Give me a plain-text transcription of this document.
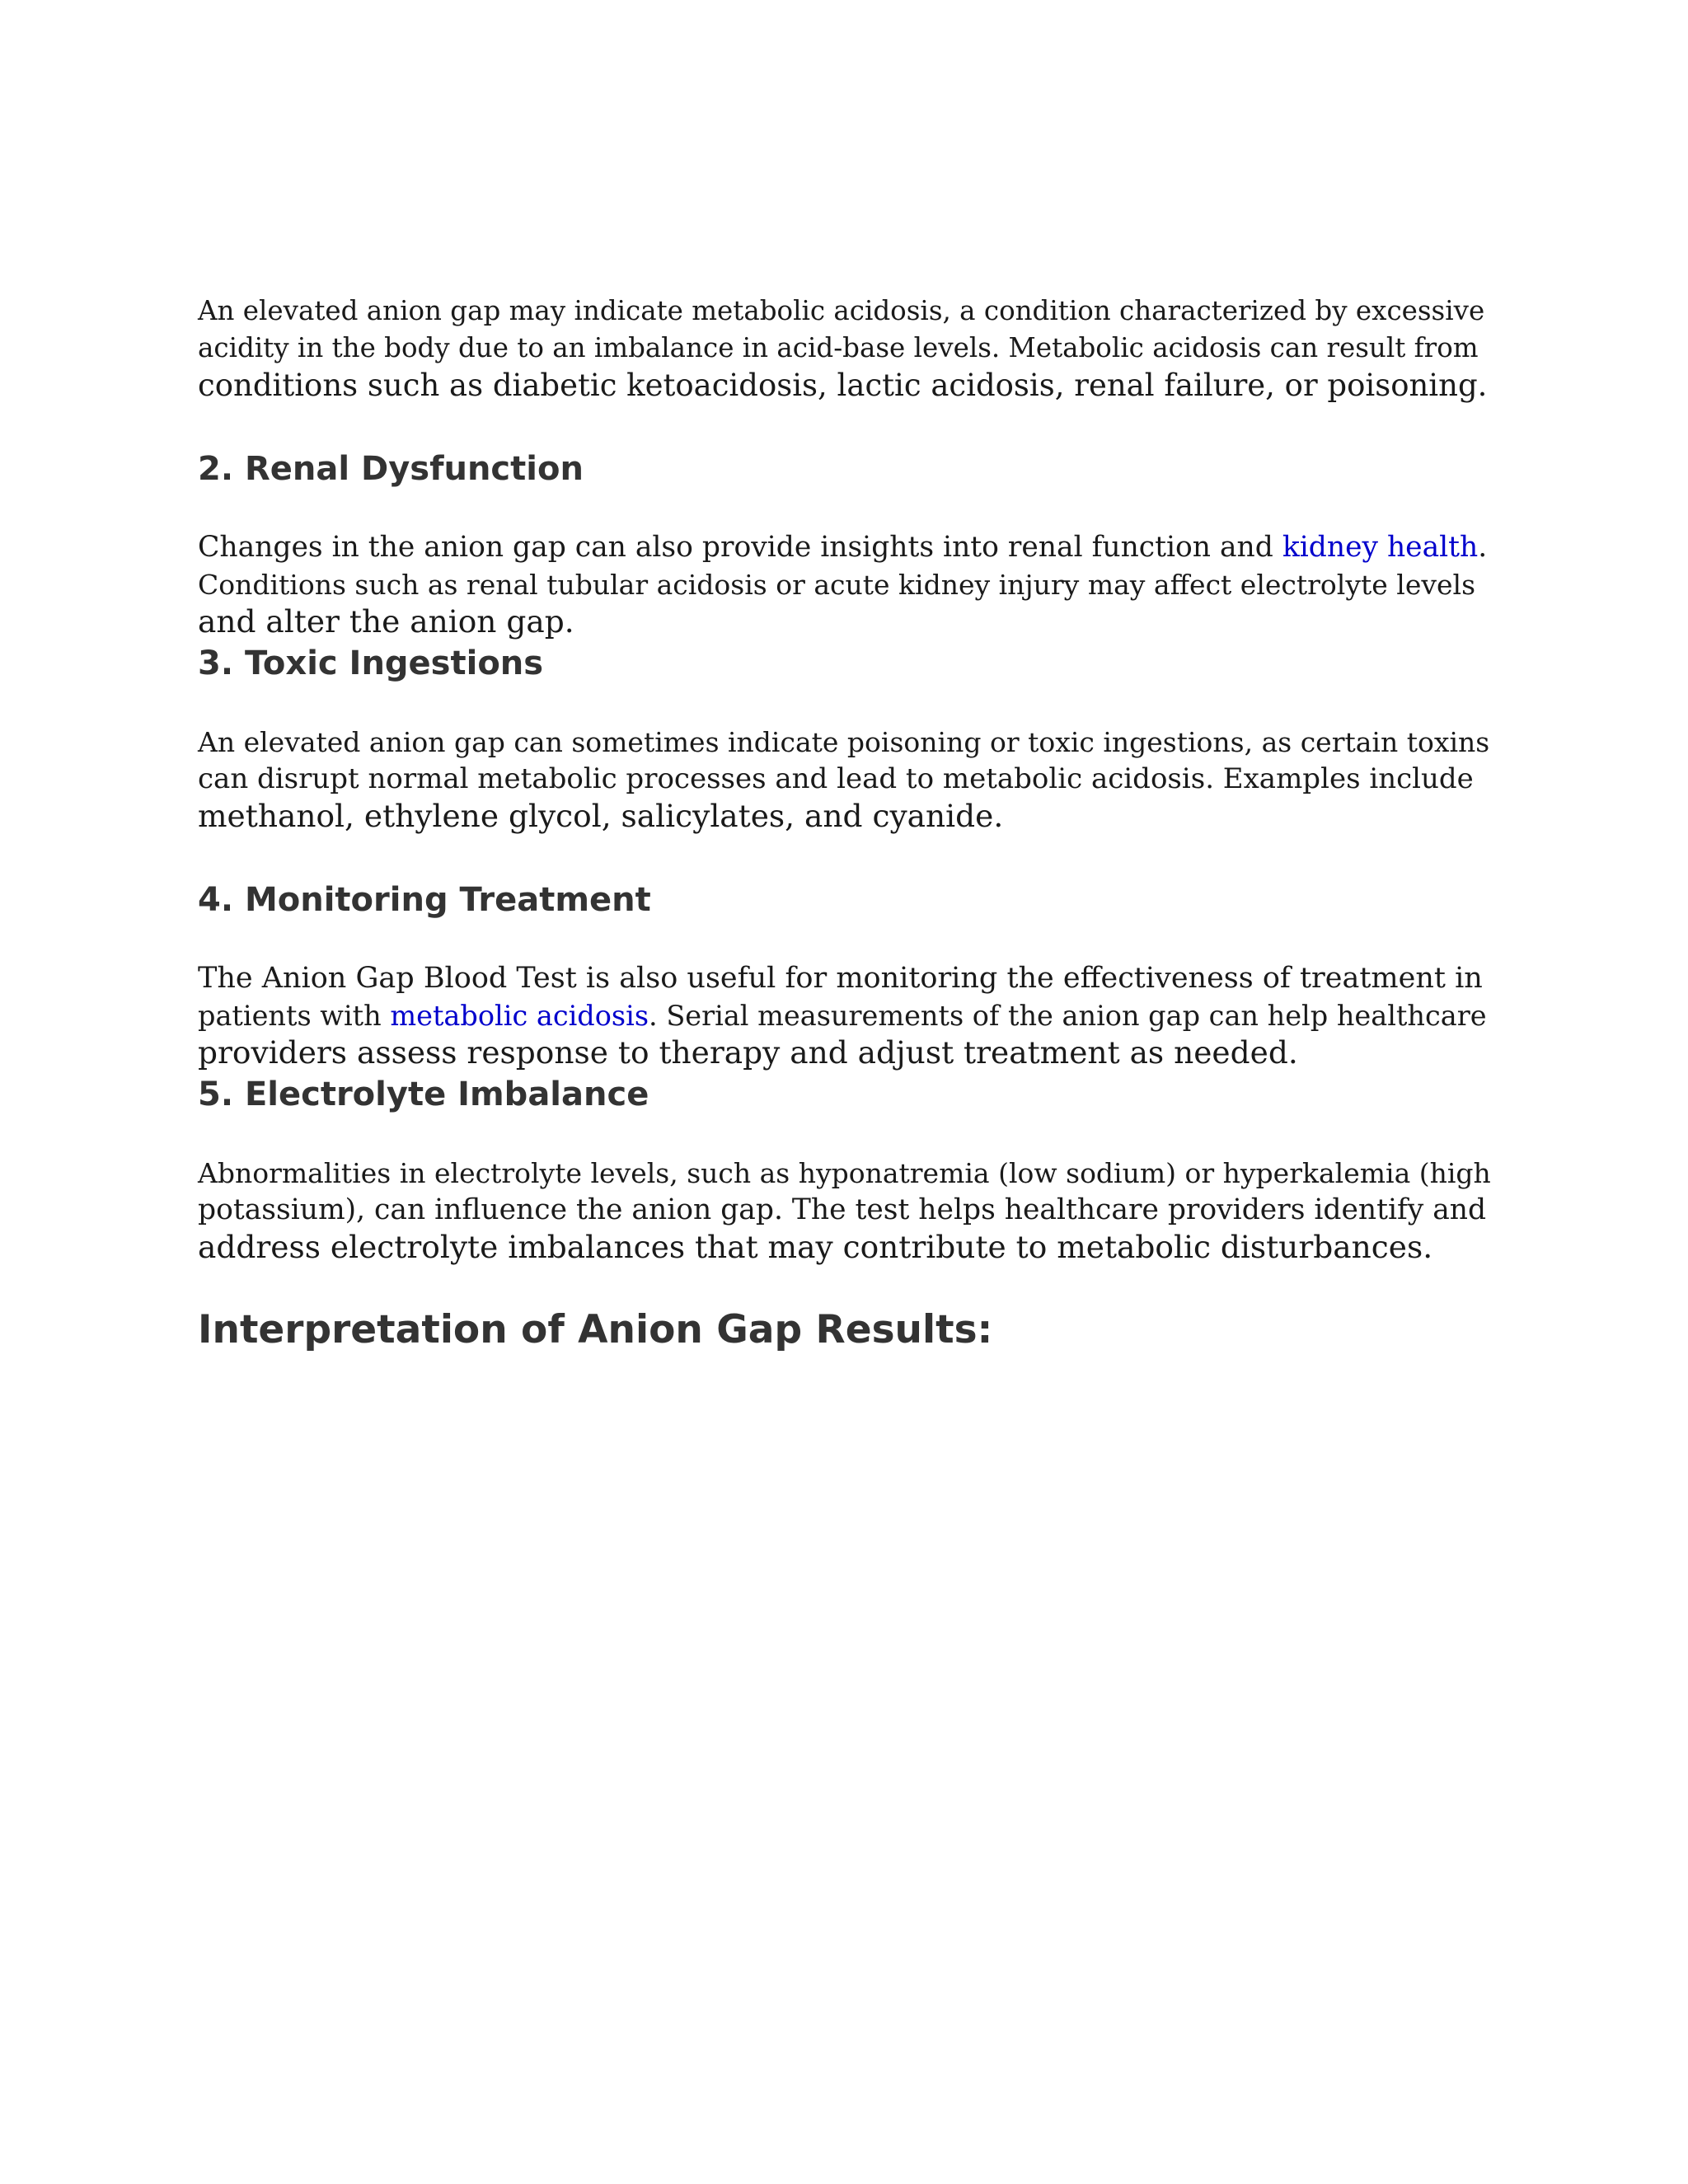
An elevated anion gap may indicate metabolic acidosis, a condition characterized by excessive
acidity in the body due to an imbalance in acid-base levels. Metabolic acidosis can result from
conditions such as diabetic ketoacidosis, lactic acidosis, renal failure, or poisoning.

2. Renal Dysfunction

Changes in the anion gap can also provide insights into renal function and kidney health.
Conditions such as renal tubular acidosis or acute kidney injury may affect electrolyte levels
and alter the anion gap.

3. Toxic Ingestions

An elevated anion gap can sometimes indicate poisoning or toxic ingestions, as certain toxins
can disrupt normal metabolic processes and lead to metabolic acidosis. Examples include
methanol, ethylene glycol, salicylates, and cyanide.

4. Monitoring Treatment

The Anion Gap Blood Test is also useful for monitoring the effectiveness of treatment in
patients with metabolic acidosis. Serial measurements of the anion gap can help healthcare
providers assess response to therapy and adjust treatment as needed.

5. Electrolyte Imbalance

Abnormalities in electrolyte levels, such as hyponatremia (low sodium) or hyperkalemia (high
potassium), can influence the anion gap. The test helps healthcare providers identify and
address electrolyte imbalances that may contribute to metabolic disturbances.

Interpretation of Anion Gap Results:
